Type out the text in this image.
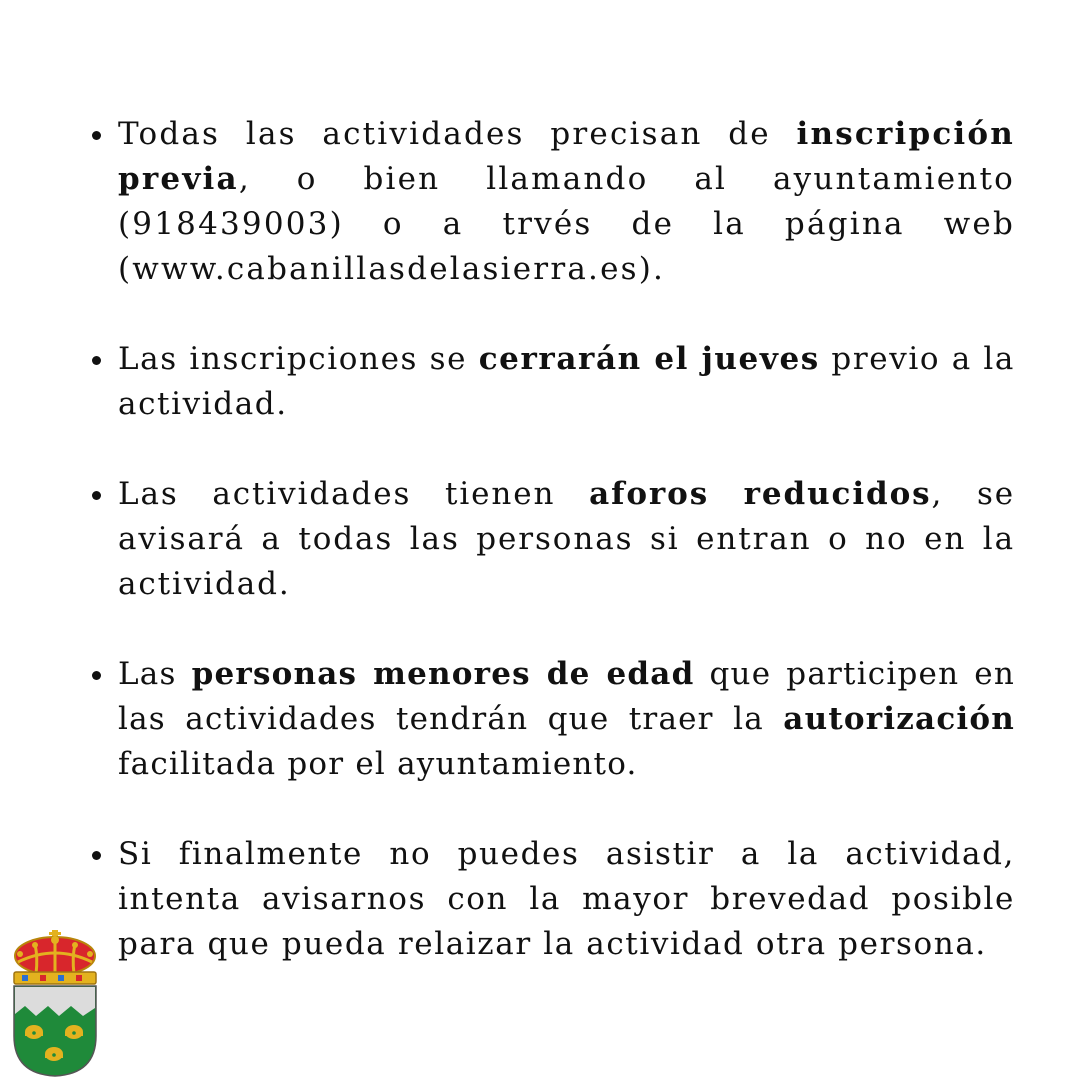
Todas las actividades precisan de inscripción previa, o bien llamando al ayuntamiento (918439003) o a trvés de la página web (www.cabanillasdelasierra.es).
Las inscripciones se cerrarán el jueves previo a la actividad.
Las actividades tienen aforos reducidos, se avisará a todas las personas si entran o no en la actividad.
Las personas menores de edad que participen en las actividades tendrán que traer la autorización facilitada por el ayuntamiento.
Si finalmente no puedes asistir a la actividad, intenta avisarnos con la mayor brevedad posible para que pueda relaizar la actividad otra persona.
